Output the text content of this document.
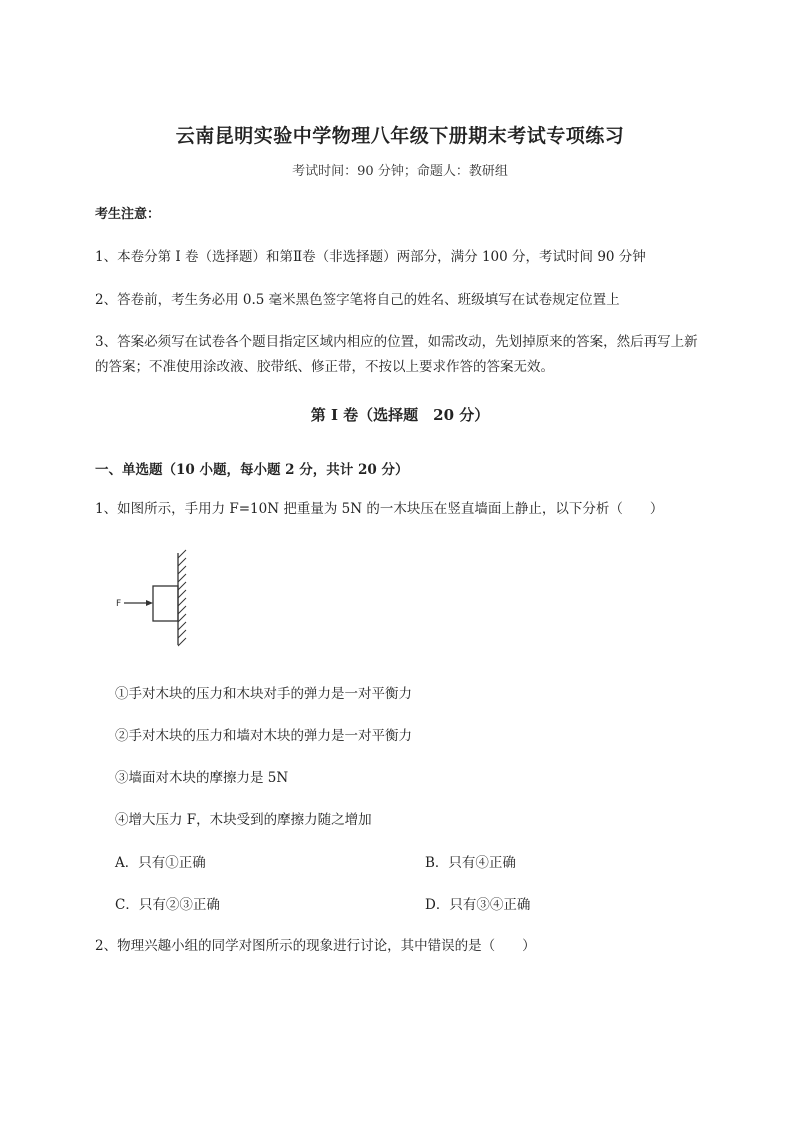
云南昆明实验中学物理八年级下册期末考试专项练习
考试时间：90 分钟；命题人：教研组
考生注意：
1、本卷分第 I 卷（选择题）和第Ⅱ卷（非选择题）两部分，满分 100 分，考试时间 90 分钟
2、答卷前，考生务必用 0.5 毫米黑色签字笔将自己的姓名、班级填写在试卷规定位置上
3、答案必须写在试卷各个题目指定区域内相应的位置，如需改动，先划掉原来的答案，然后再写上新
的答案；不准使用涂改液、胶带纸、修正带，不按以上要求作答的答案无效。
第 I 卷（选择题　20 分）
一、单选题（10 小题，每小题 2 分，共计 20 分）
1、如图所示，手用力 F=10N 把重量为 5N 的一木块压在竖直墙面上静止，以下分析（　　）
F
①手对木块的压力和木块对手的弹力是一对平衡力
②手对木块的压力和墙对木块的弹力是一对平衡力
③墙面对木块的摩擦力是 5N
④增大压力 F，木块受到的摩擦力随之增加
A．只有①正确	B．只有④正确
C．只有②③正确	D．只有③④正确
2、物理兴趣小组的同学对图所示的现象进行讨论，其中错误的是（　　）
